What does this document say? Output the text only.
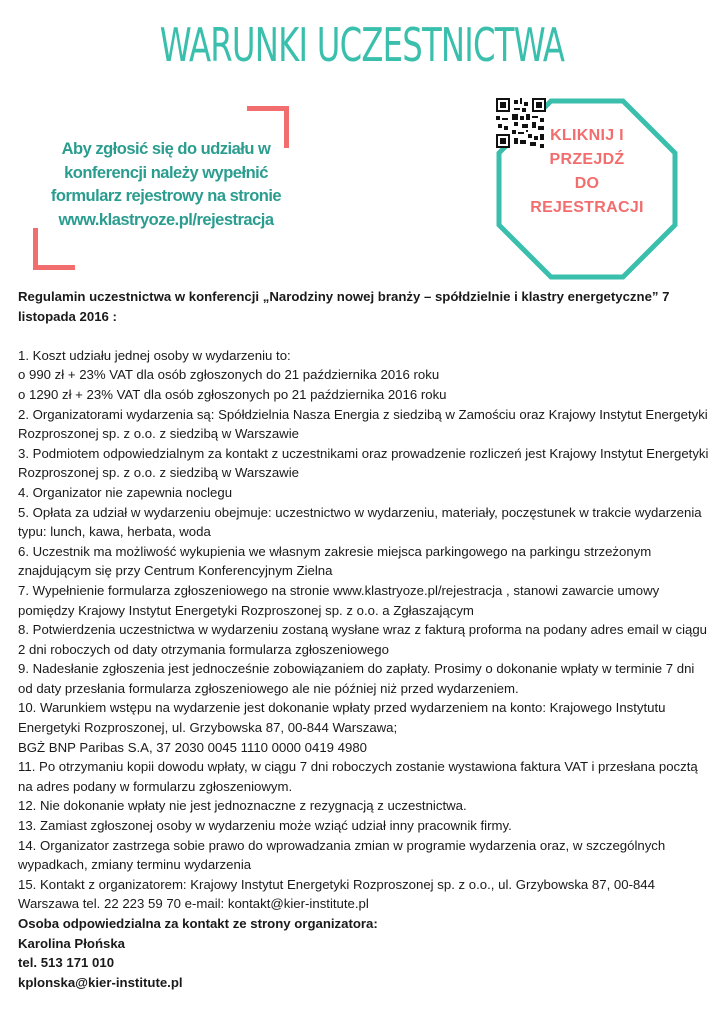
WARUNKI UCZESTNICTWA
Aby zgłosić się do udziału w konferencji należy wypełnić formularz rejestrowy na stronie www.klastryoze.pl/rejestracja
KLIKNIJ I
PRZEJDŹ
DO
REJESTRACJI
Regulamin uczestnictwa w konferencji „Narodziny nowej branży – spółdzielnie i klastry energetyczne” 7 listopada 2016 :
1. Koszt udziału jednej osoby w wydarzeniu to:
o 990 zł + 23% VAT dla osób zgłoszonych do 21 października 2016 roku
o 1290 zł + 23% VAT dla osób zgłoszonych po 21 października 2016 roku
2. Organizatorami wydarzenia są: Spółdzielnia Nasza Energia z siedzibą w Zamościu oraz Krajowy Instytut Energetyki Rozproszonej sp. z o.o. z siedzibą w Warszawie
3. Podmiotem odpowiedzialnym za kontakt z uczestnikami oraz prowadzenie rozliczeń jest Krajowy Instytut Energetyki Rozproszonej sp. z o.o. z siedzibą w Warszawie
4. Organizator nie zapewnia noclegu
5. Opłata za udział w wydarzeniu obejmuje: uczestnictwo w wydarzeniu, materiały, poczęstunek w trakcie wydarzenia typu: lunch, kawa, herbata, woda
6. Uczestnik ma możliwość wykupienia we własnym zakresie miejsca parkingowego na parkingu strzeżonym znajdującym się przy Centrum Konferencyjnym Zielna
7. Wypełnienie formularza zgłoszeniowego na stronie www.klastryoze.pl/rejestracja , stanowi zawarcie umowy pomiędzy Krajowy Instytut Energetyki Rozproszonej sp. z o.o. a Zgłaszającym
8. Potwierdzenia uczestnictwa w wydarzeniu zostaną wysłane wraz z fakturą proforma na podany adres email w ciągu 2 dni roboczych od daty otrzymania formularza zgłoszeniowego
9. Nadesłanie zgłoszenia jest jednocześnie zobowiązaniem do zapłaty. Prosimy o dokonanie wpłaty w terminie 7 dni od daty przesłania formularza zgłoszeniowego ale nie później niż przed wydarzeniem.
10. Warunkiem wstępu na wydarzenie jest dokonanie wpłaty przed wydarzeniem na konto: Krajowego Instytutu Energetyki Rozproszonej, ul. Grzybowska 87, 00-844 Warszawa;
BGŻ BNP Paribas S.A, 37 2030 0045 1110 0000 0419 4980
11. Po otrzymaniu kopii dowodu wpłaty, w ciągu 7 dni roboczych zostanie wystawiona faktura VAT i przesłana pocztą na adres podany w formularzu zgłoszeniowym.
12. Nie dokonanie wpłaty nie jest jednoznaczne z rezygnacją z uczestnictwa.
13. Zamiast zgłoszonej osoby w wydarzeniu może wziąć udział inny pracownik firmy.
14. Organizator zastrzega sobie prawo do wprowadzania zmian w programie wydarzenia oraz, w szczególnych wypadkach, zmiany terminu wydarzenia
15. Kontakt z organizatorem: Krajowy Instytut Energetyki Rozproszonej sp. z o.o., ul. Grzybowska 87, 00-844 Warszawa tel. 22 223 59 70 e-mail: kontakt@kier-institute.pl
Osoba odpowiedzialna za kontakt ze strony organizatora:
Karolina Płońska
tel. 513 171 010
kplonska@kier-institute.pl
